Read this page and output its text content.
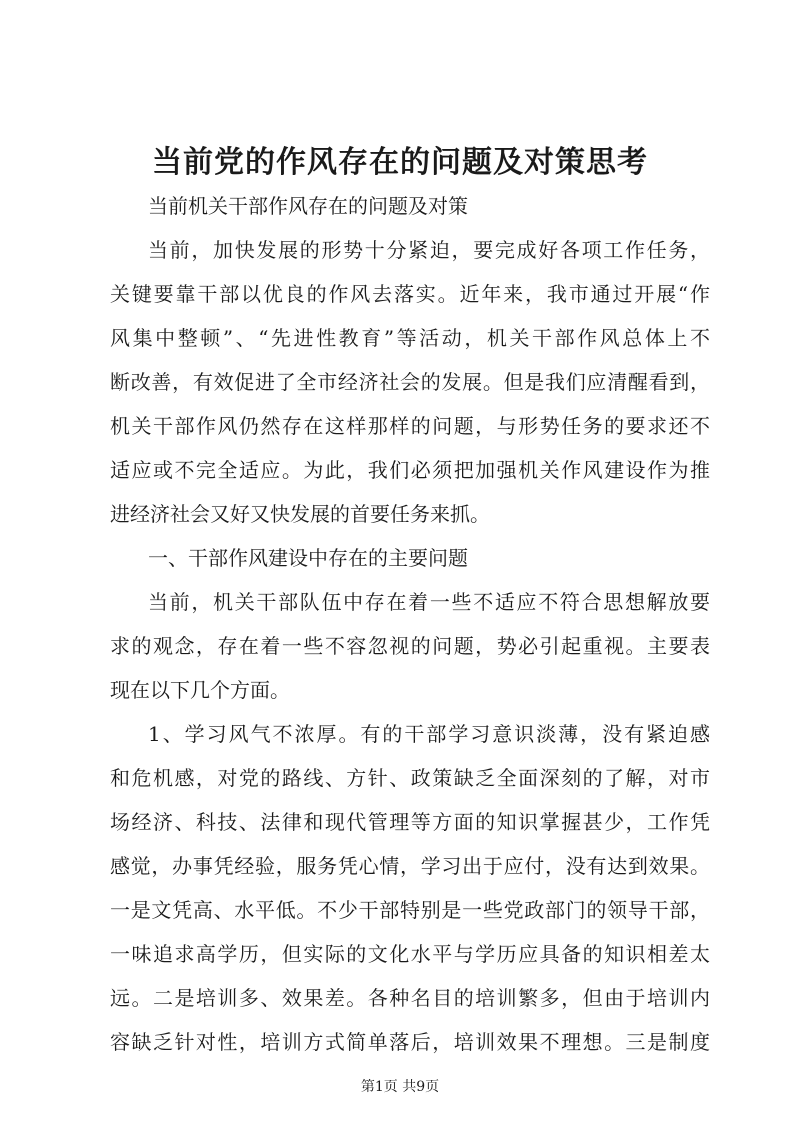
当前党的作风存在的问题及对策思考
当前机关干部作风存在的问题及对策
当前，加快发展的形势十分紧迫，要完成好各项工作任务，
关键要靠干部以优良的作风去落实。近年来，我市通过开展“作
风集中整顿”、“先进性教育”等活动，机关干部作风总体上不
断改善，有效促进了全市经济社会的发展。但是我们应清醒看到，
机关干部作风仍然存在这样那样的问题，与形势任务的要求还不
适应或不完全适应。为此，我们必须把加强机关作风建设作为推
进经济社会又好又快发展的首要任务来抓。
一、干部作风建设中存在的主要问题
当前，机关干部队伍中存在着一些不适应不符合思想解放要
求的观念，存在着一些不容忽视的问题，势必引起重视。主要表
现在以下几个方面。
1、学习风气不浓厚。有的干部学习意识淡薄，没有紧迫感
和危机感，对党的路线、方针、政策缺乏全面深刻的了解，对市
场经济、科技、法律和现代管理等方面的知识掌握甚少，工作凭
感觉，办事凭经验，服务凭心情，学习出于应付，没有达到效果。
一是文凭高、水平低。不少干部特别是一些党政部门的领导干部，
一味追求高学历，但实际的文化水平与学历应具备的知识相差太
远。二是培训多、效果差。各种名目的培训繁多，但由于培训内
容缺乏针对性，培训方式简单落后，培训效果不理想。三是制度
第1页 共9页
